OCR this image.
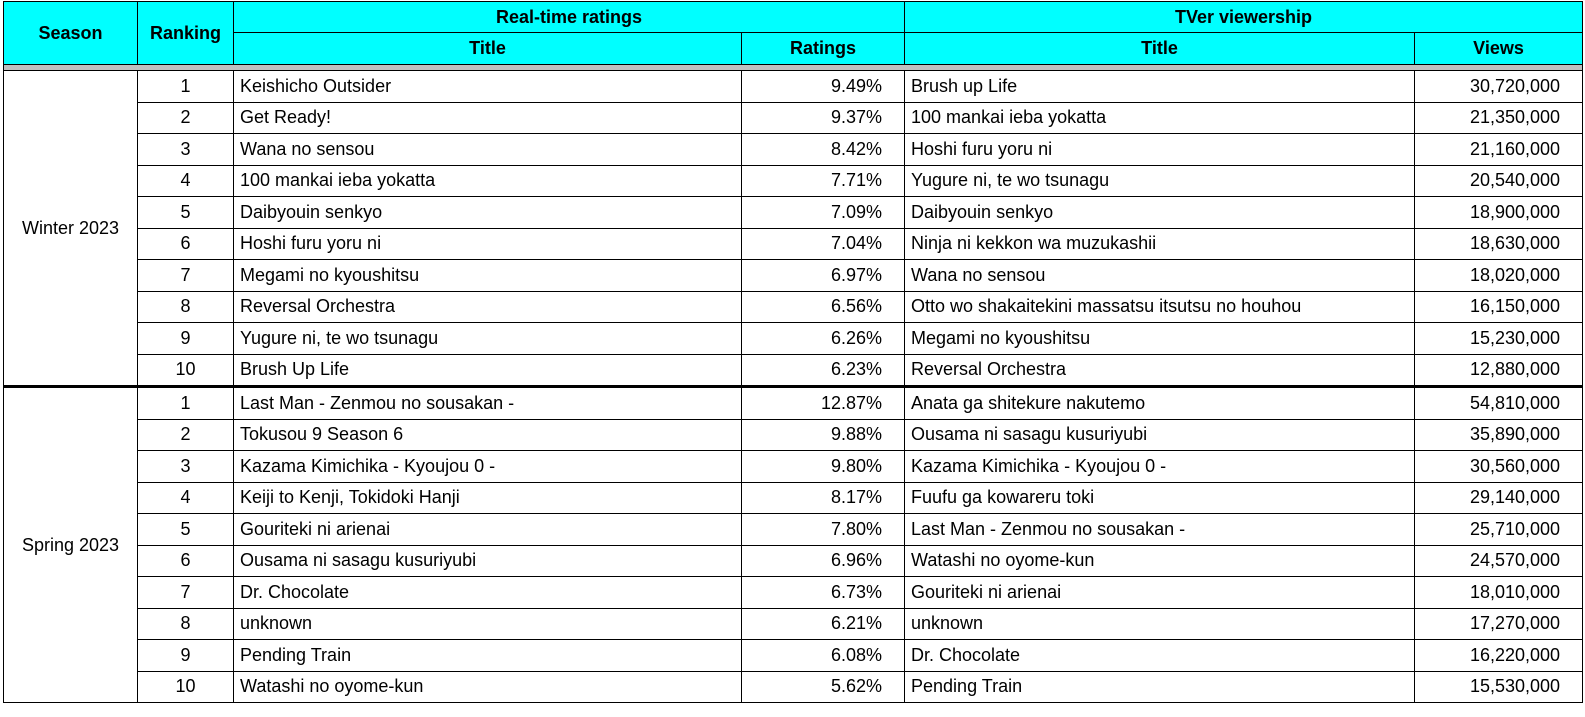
Season	Ranking	Real-time ratings		TVer viewership	
		Title	Ratings	Title	Views

Winter 2023	1	Keishicho Outsider	9.49%	Brush up Life	30,720,000
	2	Get Ready!	9.37%	100 mankai ieba yokatta	21,350,000
	3	Wana no sensou	8.42%	Hoshi furu yoru ni	21,160,000
	4	100 mankai ieba yokatta	7.71%	Yugure ni, te wo tsunagu	20,540,000
	5	Daibyouin senkyo	7.09%	Daibyouin senkyo	18,900,000
	6	Hoshi furu yoru ni	7.04%	Ninja ni kekkon wa muzukashii	18,630,000
	7	Megami no kyoushitsu	6.97%	Wana no sensou	18,020,000
	8	Reversal Orchestra	6.56%	Otto wo shakaitekini massatsu itsutsu no houhou	16,150,000
	9	Yugure ni, te wo tsunagu	6.26%	Megami no kyoushitsu	15,230,000
	10	Brush Up Life	6.23%	Reversal Orchestra	12,880,000
Spring 2023	1	Last Man - Zenmou no sousakan -	12.87%	Anata ga shitekure nakutemo	54,810,000
	2	Tokusou 9 Season 6	9.88%	Ousama ni sasagu kusuriyubi	35,890,000
	3	Kazama Kimichika - Kyoujou 0 -	9.80%	Kazama Kimichika - Kyoujou 0 -	30,560,000
	4	Keiji to Kenji, Tokidoki Hanji	8.17%	Fuufu ga kowareru toki	29,140,000
	5	Gouriteki ni arienai	7.80%	Last Man - Zenmou no sousakan -	25,710,000
	6	Ousama ni sasagu kusuriyubi	6.96%	Watashi no oyome-kun	24,570,000
	7	Dr. Chocolate	6.73%	Gouriteki ni arienai	18,010,000
	8	unknown	6.21%	unknown	17,270,000
	9	Pending Train	6.08%	Dr. Chocolate	16,220,000
	10	Watashi no oyome-kun	5.62%	Pending Train	15,530,000
